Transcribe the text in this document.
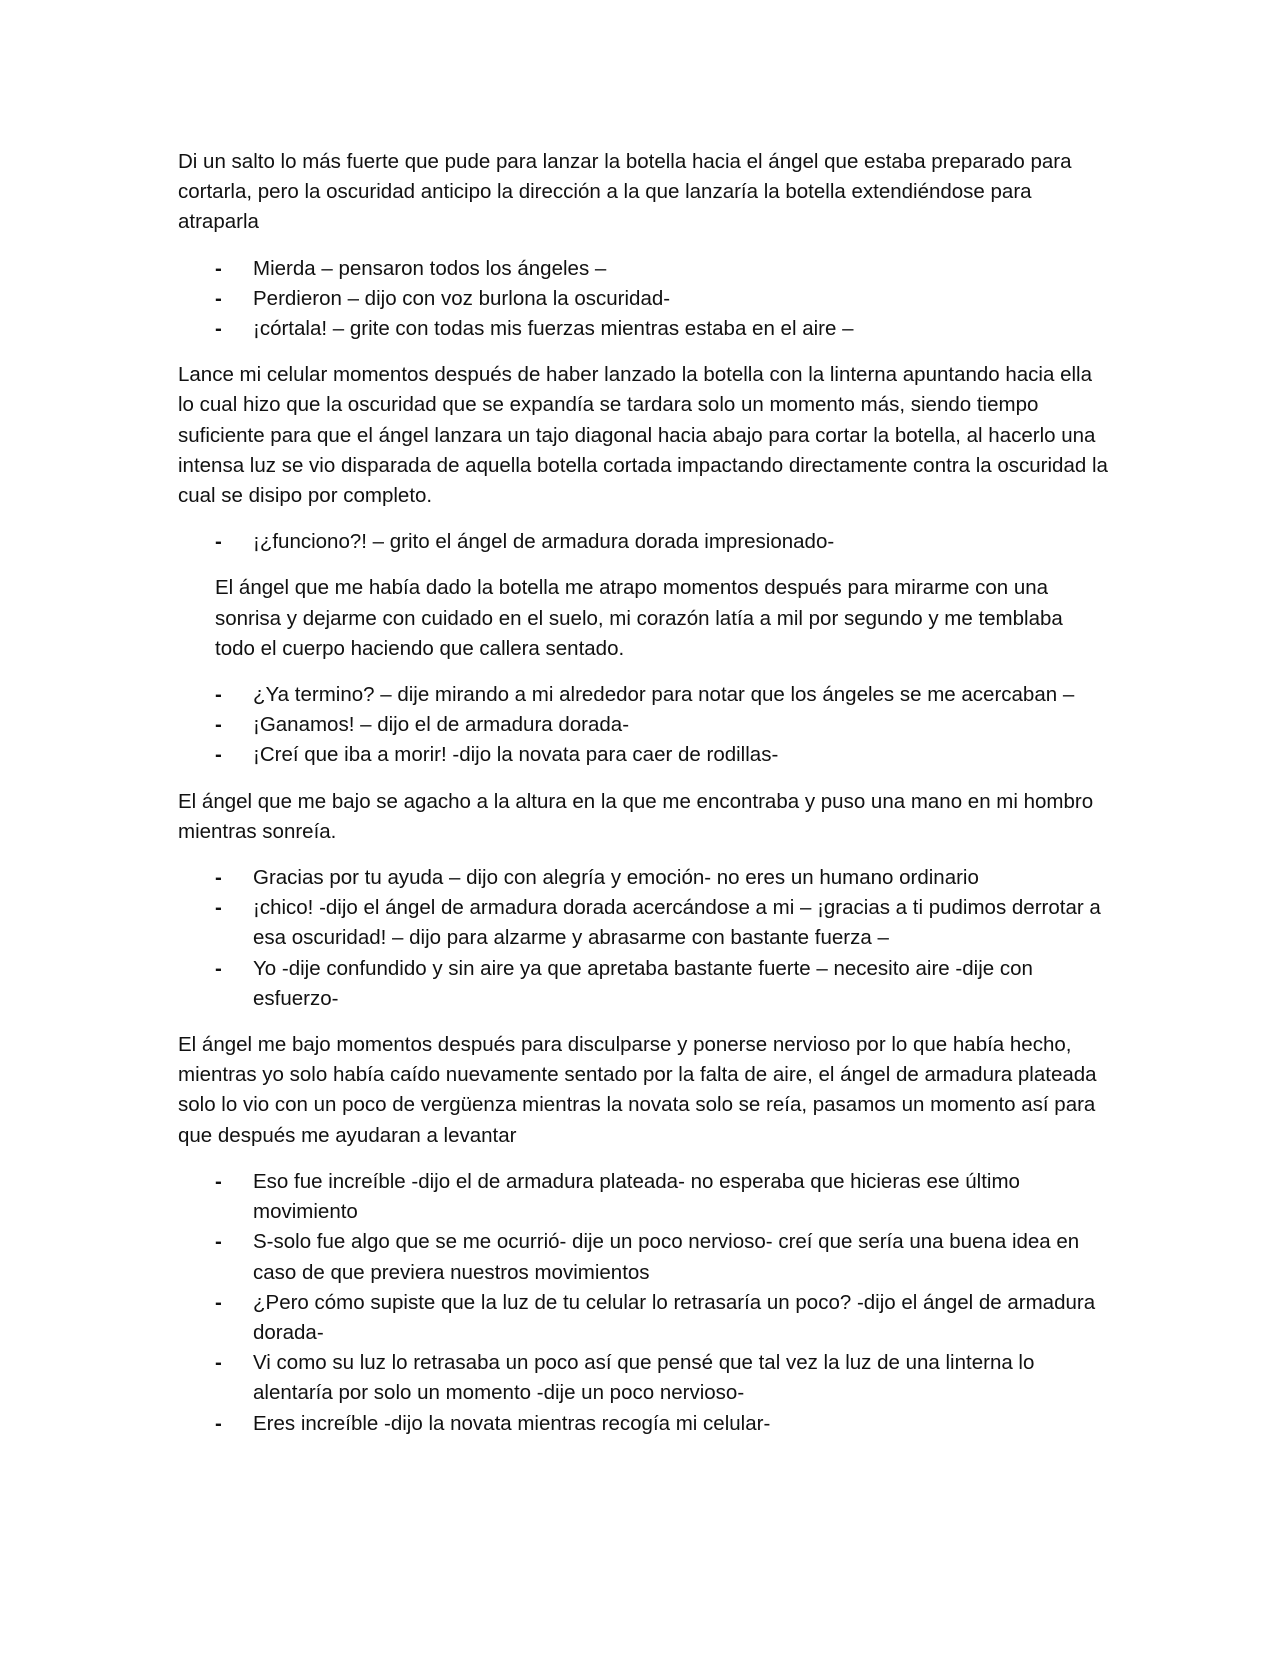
Di un salto lo más fuerte que pude para lanzar la botella hacia el ángel que estaba preparado para cortarla, pero la oscuridad anticipo la dirección a la que lanzaría la botella extendiéndose para atraparla

- Mierda – pensaron todos los ángeles –
- Perdieron – dijo con voz burlona la oscuridad-
- ¡córtala! – grite con todas mis fuerzas mientras estaba en el aire –

Lance mi celular momentos después de haber lanzado la botella con la linterna apuntando hacia ella lo cual hizo que la oscuridad que se expandía se tardara solo un momento más, siendo tiempo suficiente para que el ángel lanzara un tajo diagonal hacia abajo para cortar la botella, al hacerlo una intensa luz se vio disparada de aquella botella cortada impactando directamente contra la oscuridad la cual se disipo por completo.

- ¡¿funciono?! – grito el ángel de armadura dorada impresionado-

El ángel que me había dado la botella me atrapo momentos después para mirarme con una sonrisa y dejarme con cuidado en el suelo, mi corazón latía a mil por segundo y me temblaba todo el cuerpo haciendo que callera sentado.

- ¿Ya termino? – dije mirando a mi alrededor para notar que los ángeles se me acercaban –
- ¡Ganamos! – dijo el de armadura dorada-
- ¡Creí que iba a morir! -dijo la novata para caer de rodillas-

El ángel que me bajo se agacho a la altura en la que me encontraba y puso una mano en mi hombro mientras sonreía.

- Gracias por tu ayuda – dijo con alegría y emoción- no eres un humano ordinario
- ¡chico! -dijo el ángel de armadura dorada acercándose a mi – ¡gracias a ti pudimos derrotar a esa oscuridad! – dijo para alzarme y abrasarme con bastante fuerza –
- Yo -dije confundido y sin aire ya que apretaba bastante fuerte – necesito aire -dije con esfuerzo-

El ángel me bajo momentos después para disculparse y ponerse nervioso por lo que había hecho, mientras yo solo había caído nuevamente sentado por la falta de aire, el ángel de armadura plateada solo lo vio con un poco de vergüenza mientras la novata solo se reía, pasamos un momento así para que después me ayudaran a levantar

- Eso fue increíble -dijo el de armadura plateada- no esperaba que hicieras ese último movimiento
- S-solo fue algo que se me ocurrió- dije un poco nervioso- creí que sería una buena idea en caso de que previera nuestros movimientos
- ¿Pero cómo supiste que la luz de tu celular lo retrasaría un poco? -dijo el ángel de armadura dorada-
- Vi como su luz lo retrasaba un poco así que pensé que tal vez la luz de una linterna lo alentaría por solo un momento -dije un poco nervioso-
- Eres increíble -dijo la novata mientras recogía mi celular-
